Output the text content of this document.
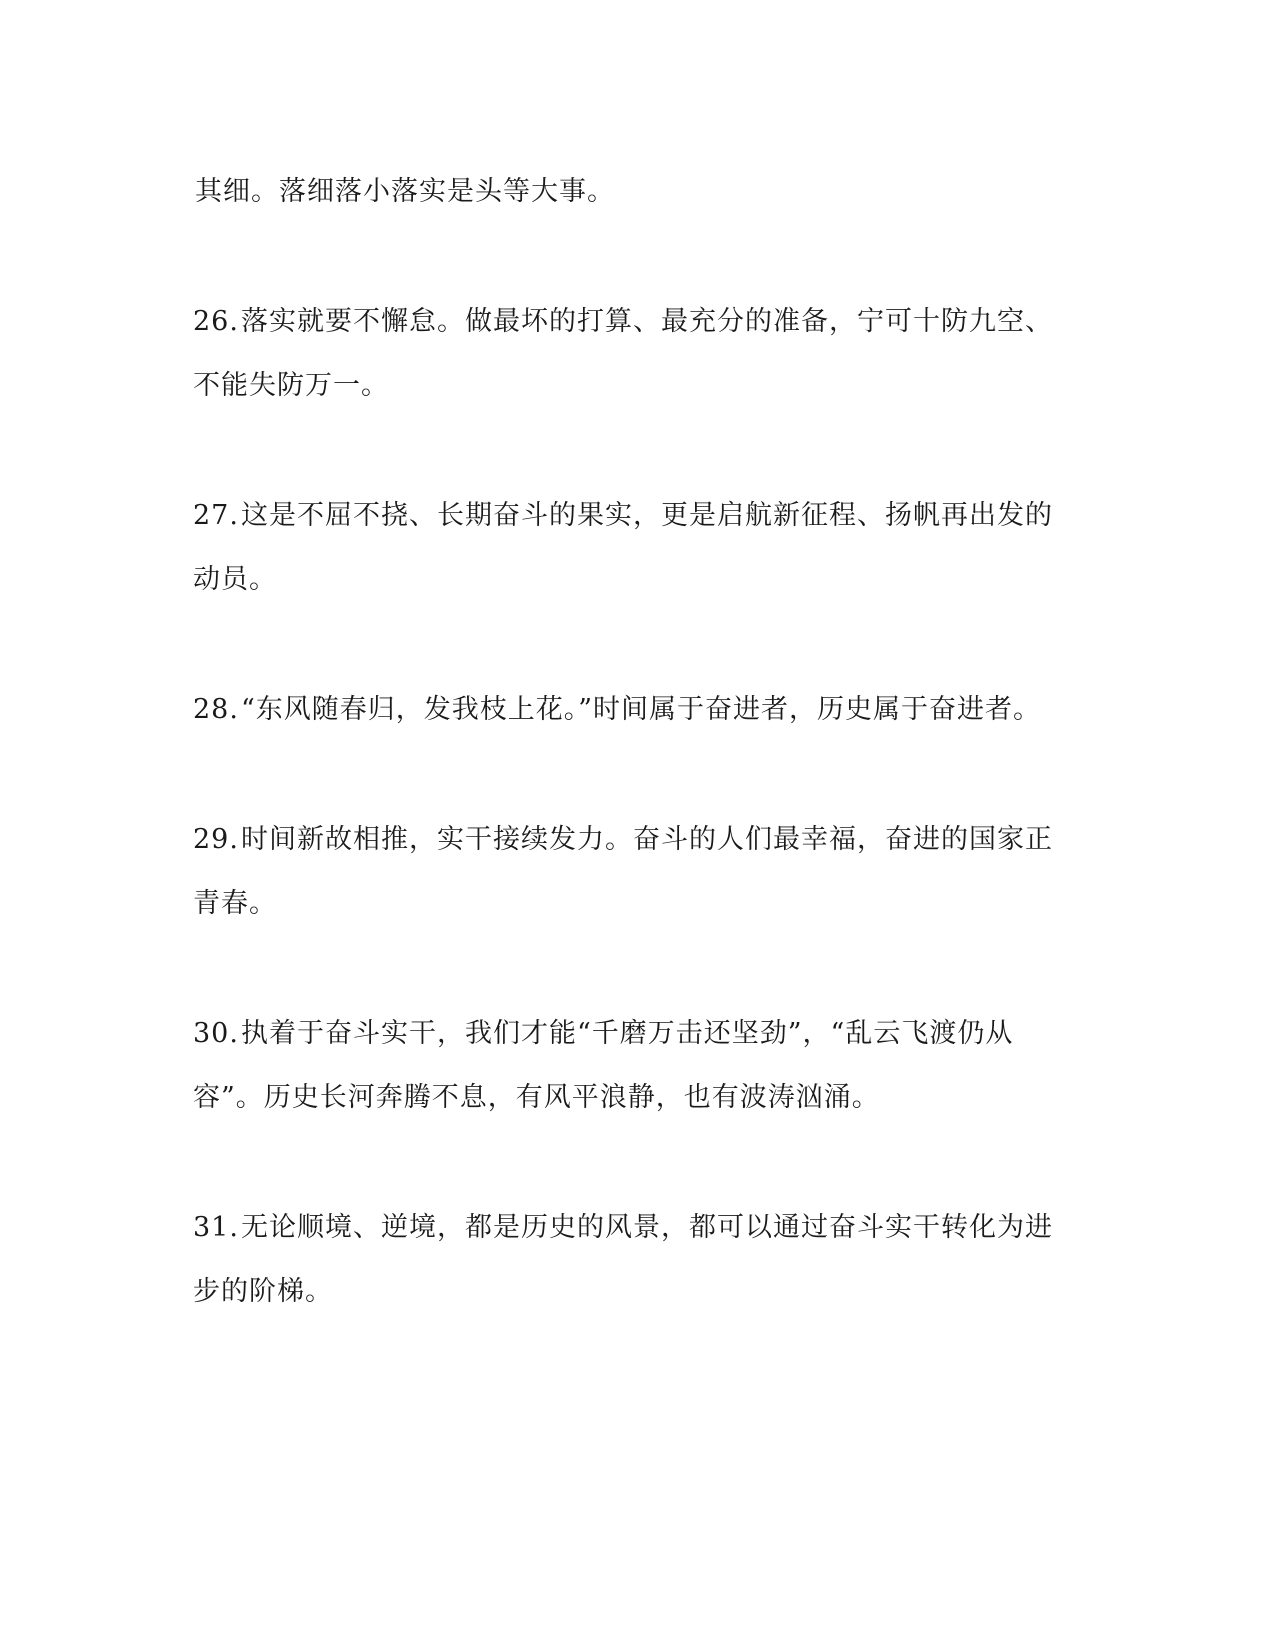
其细。落细落小落实是头等大事。

26.落实就要不懈怠。做最坏的打算、最充分的准备，宁可十防九空、不能失防万一。

27.这是不屈不挠、长期奋斗的果实，更是启航新征程、扬帆再出发的动员。

28.“东风随春归，发我枝上花。”时间属于奋进者，历史属于奋进者。

29.时间新故相推，实干接续发力。奋斗的人们最幸福，奋进的国家正青春。

30.执着于奋斗实干，我们才能“千磨万击还坚劲”，“乱云飞渡仍从容”。历史长河奔腾不息，有风平浪静，也有波涛汹涌。

31.无论顺境、逆境，都是历史的风景，都可以通过奋斗实干转化为进步的阶梯。
